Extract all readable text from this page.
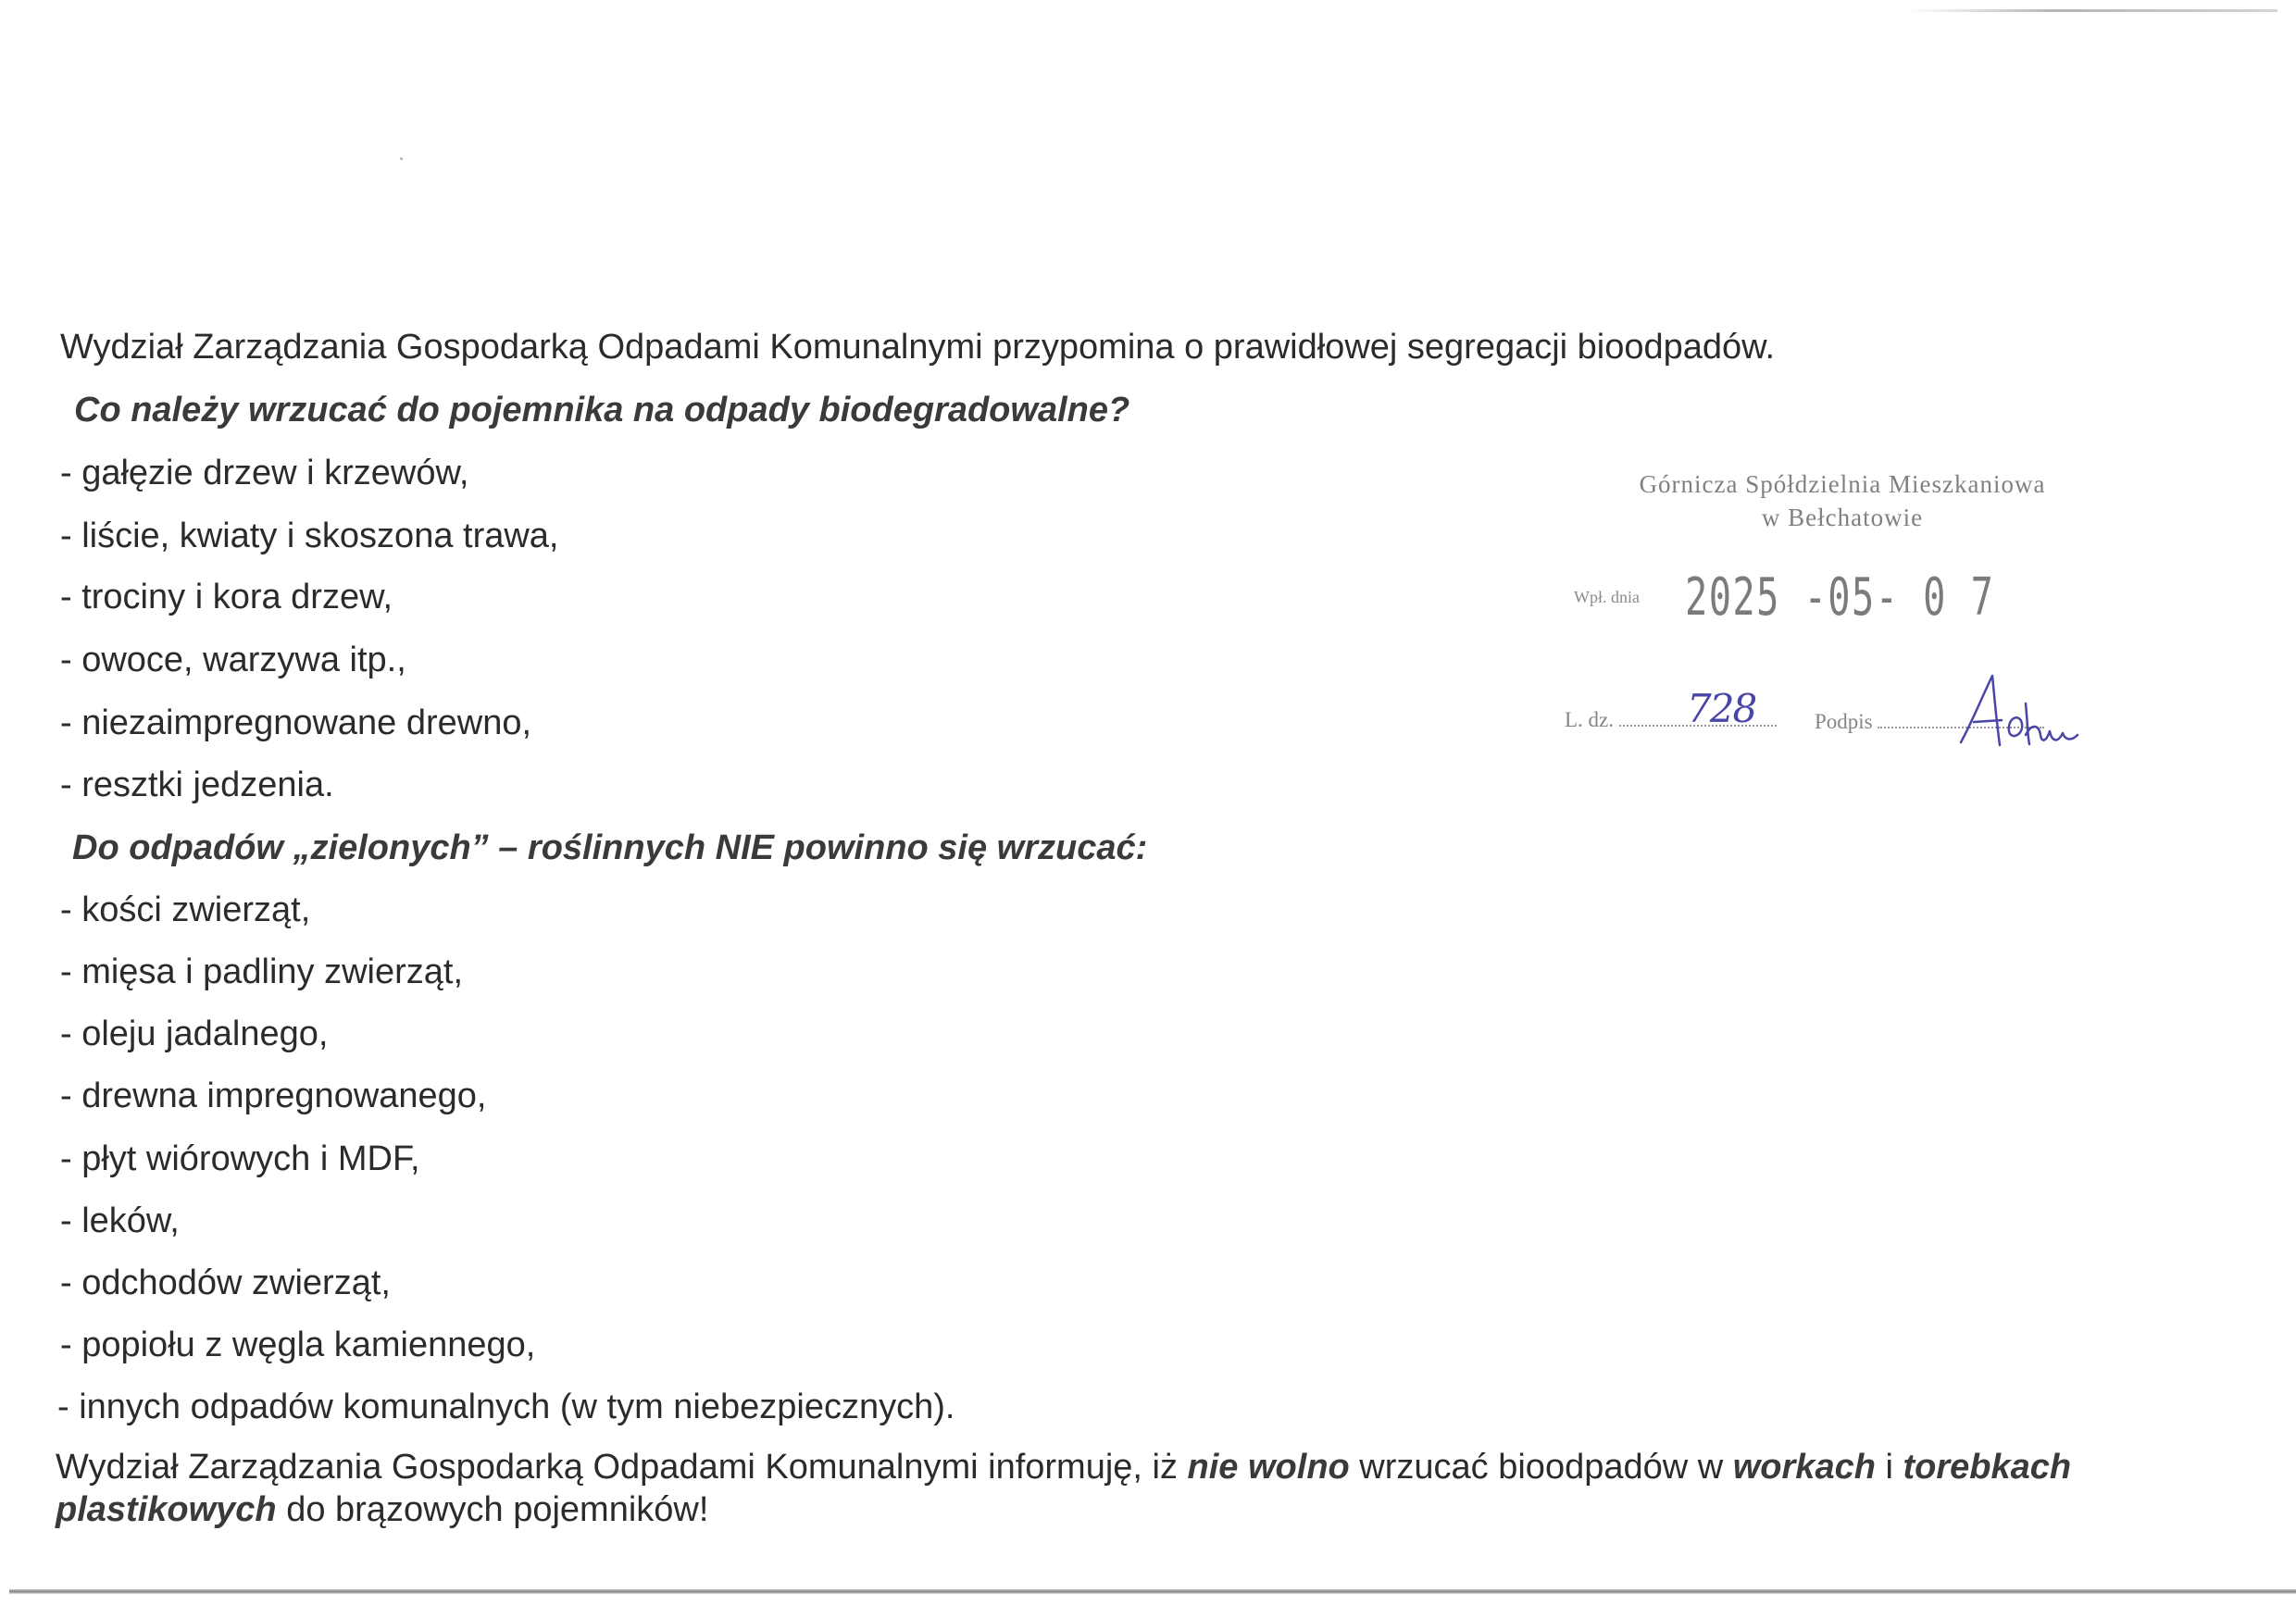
Wydział Zarządzania Gospodarką Odpadami Komunalnymi przypomina o prawidłowej segregacji bioodpadów.
Co należy wrzucać do pojemnika na odpady biodegradowalne?
- gałęzie drzew i krzewów,
- liście, kwiaty i skoszona trawa,
- trociny i kora drzew,
- owoce, warzywa itp.,
- niezaimpregnowane drewno,
- resztki jedzenia.
Do odpadów „zielonych” – roślinnych NIE powinno się wrzucać:
- kości zwierząt,
- mięsa i padliny zwierząt,
- oleju jadalnego,
- drewna impregnowanego,
- płyt wiórowych i MDF,
- leków,
- odchodów zwierząt,
- popiołu z węgla kamiennego,
- innych odpadów komunalnych (w tym niebezpiecznych).
Wydział Zarządzania Gospodarką Odpadami Komunalnymi informuję, iż nie wolno wrzucać bioodpadów w workach i torebkach plastikowych do brązowych pojemników!
Górnicza Spółdzielnia Mieszkaniowa
w Bełchatowie
Wpł. dnia 2025 -05- 0 7
L. dz.	728	Podpis
